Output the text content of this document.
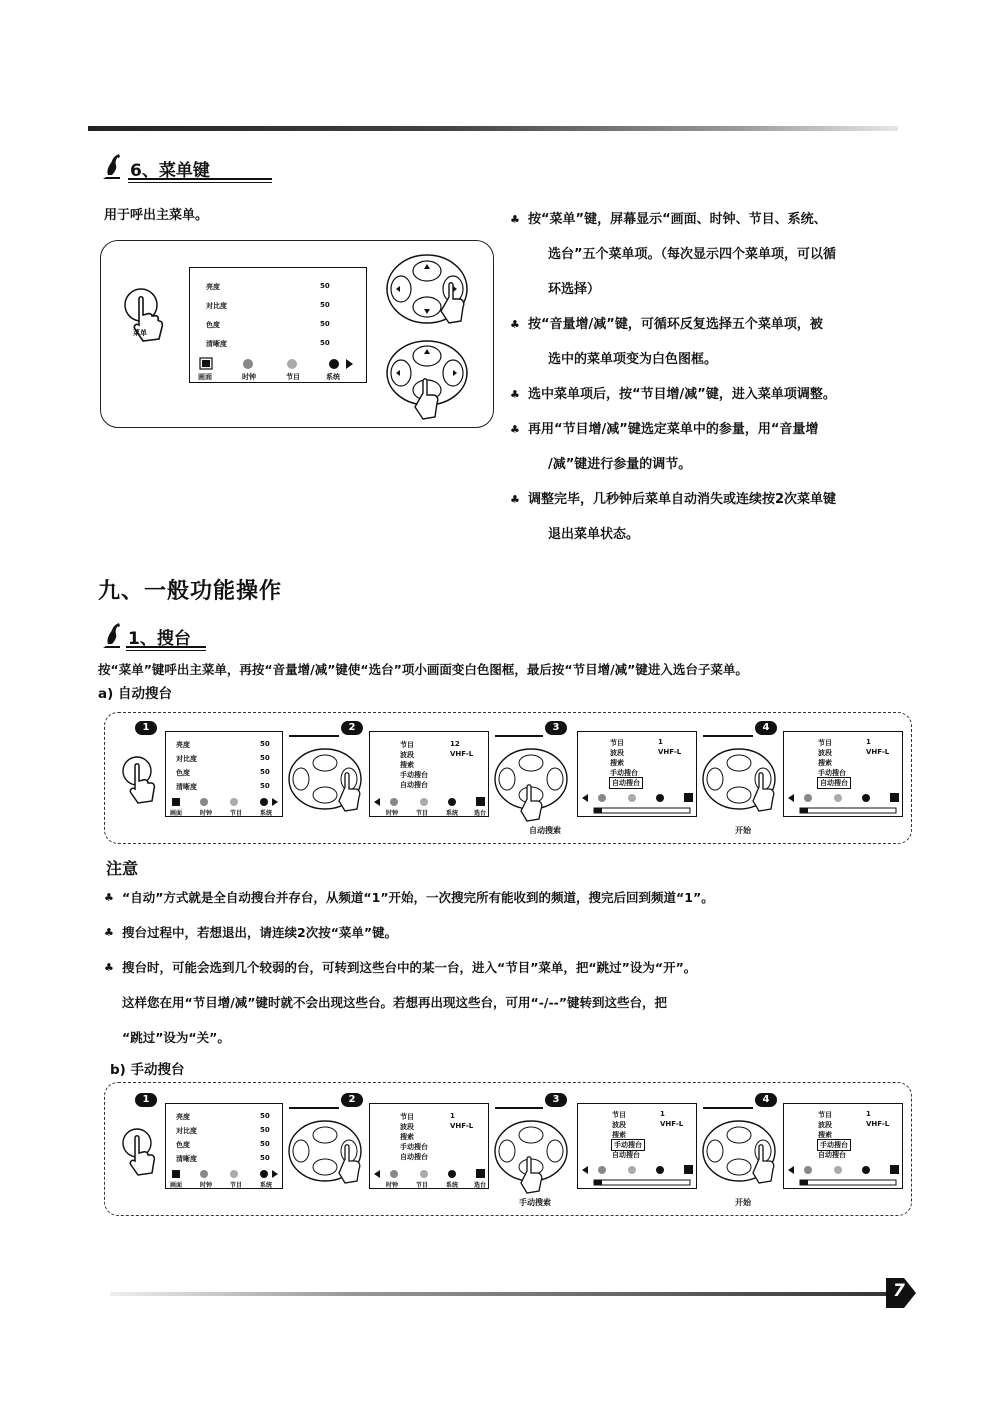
6、菜单键
用于呼出主菜单。
菜单
亮度	50
对比度	50
色度	50
清晰度	50
画面	时钟	节目	系统
♣ 按“菜单”键，屏幕显示“画面、时钟、节目、系统、
选台”五个菜单项。（每次显示四个菜单项，可以循
环选择）
♣ 按“音量增/减”键，可循环反复选择五个菜单项，被
选中的菜单项变为白色图框。
♣ 选中菜单项后，按“节目增/减”键，进入菜单项调整。
♣ 再用“节目增/减”键选定菜单中的参量，用“音量增
/减”键进行参量的调节。
♣ 调整完毕，几秒钟后菜单自动消失或连续按2次菜单键
退出菜单状态。
九、一般功能操作
1、搜台
按“菜单”键呼出主菜单，再按“音量增/减”键使“选台”项小画面变白色图框，最后按“节目增/减”键进入选台子菜单。
a) 自动搜台
1	2	3	4
亮度	50
对比度	50
色度	50
清晰度	50
画面	时钟	节目	系统
节目	12
波段	VHF-L
搜索
手动搜台
自动搜台
时钟	节目	系统	选台
节目	1
波段	VHF-L
搜索
手动搜台
自动搜台
自动搜索
节目	1
波段	VHF-L
搜索
手动搜台
自动搜台
开始
注意
♣ “自动”方式就是全自动搜台并存台，从频道“1”开始，一次搜完所有能收到的频道，搜完后回到频道“1”。
♣ 搜台过程中，若想退出，请连续2次按“菜单”键。
♣ 搜台时，可能会选到几个较弱的台，可转到这些台中的某一台，进入“节目”菜单，把“跳过”设为“开”。
这样您在用“节目增/减”键时就不会出现这些台。若想再出现这些台，可用“-/--”键转到这些台，把
“跳过”设为“关”。
b) 手动搜台
1	2	3	4
亮度	50
对比度	50
色度	50
清晰度	50
画面	时钟	节目	系统
节目	1
波段	VHF-L
搜索
手动搜台
自动搜台
时钟	节目	系统	选台
节目	1
波段	VHF-L
搜索
手动搜台
自动搜台
手动搜索
节目	1
波段	VHF-L
搜索
手动搜台
自动搜台
开始
7
